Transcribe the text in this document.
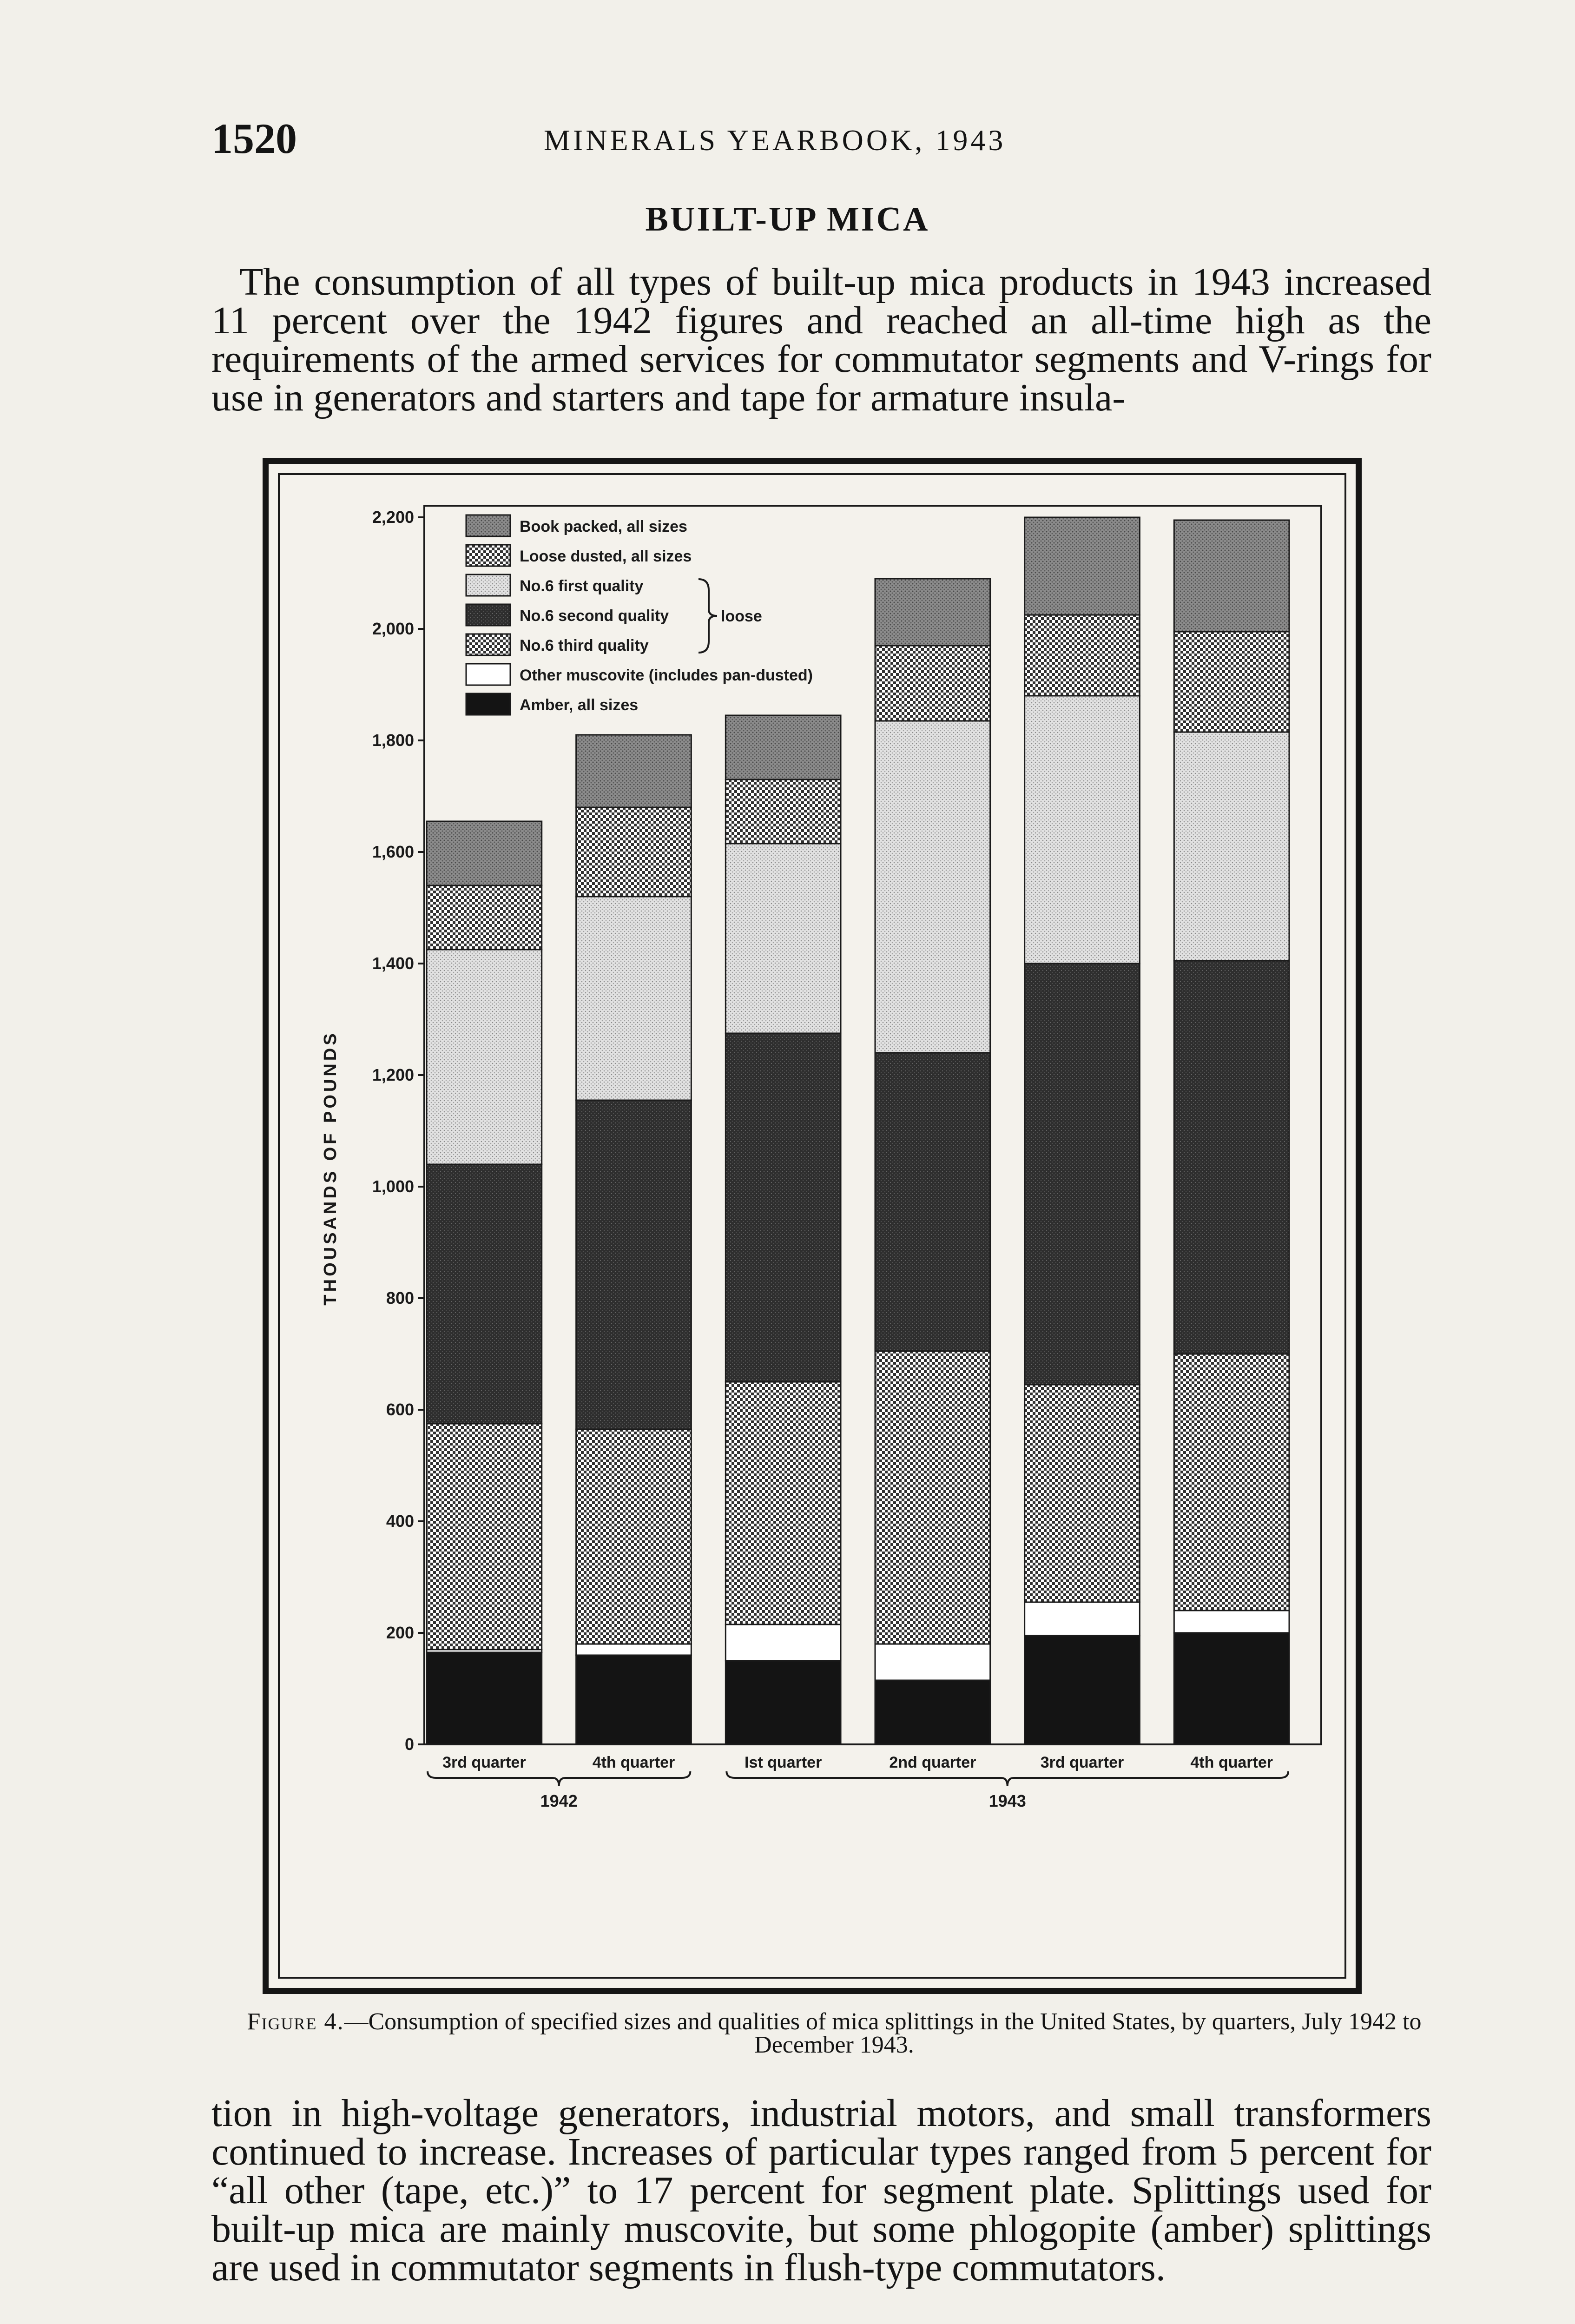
1520	MINERALS YEARBOOK, 1943
BUILT-UP MICA
The consumption of all types of built-up mica products in 1943 increased 11 percent over the 1942 figures and reached an all-time high as the requirements of the armed services for commutator segments and V-rings for use in generators and starters and tape for armature insula-
0
200
400
600
800
1,000
1,200
1,400
1,600
1,800
2,000
2,200
THOUSANDS OF POUNDS
3rd quarter	4th quarter	Ist quarter	2nd quarter	3rd quarter	4th quarter
1942	1943
Book packed, all sizes
Loose dusted, all sizes
No.6 first quality
No.6 second quality
No.6 third quality
Other muscovite (includes pan-dusted)
Amber, all sizes
loose
Figure 4.—Consumption of specified sizes and qualities of mica splittings in the United States, by quarters, July 1942 to December 1943.
tion in high-voltage generators, industrial motors, and small transformers continued to increase. Increases of particular types ranged from 5 percent for “all other (tape, etc.)” to 17 percent for segment plate. Splittings used for built-up mica are mainly muscovite, but some phlogopite (amber) splittings are used in commutator segments in flush-type commutators.
